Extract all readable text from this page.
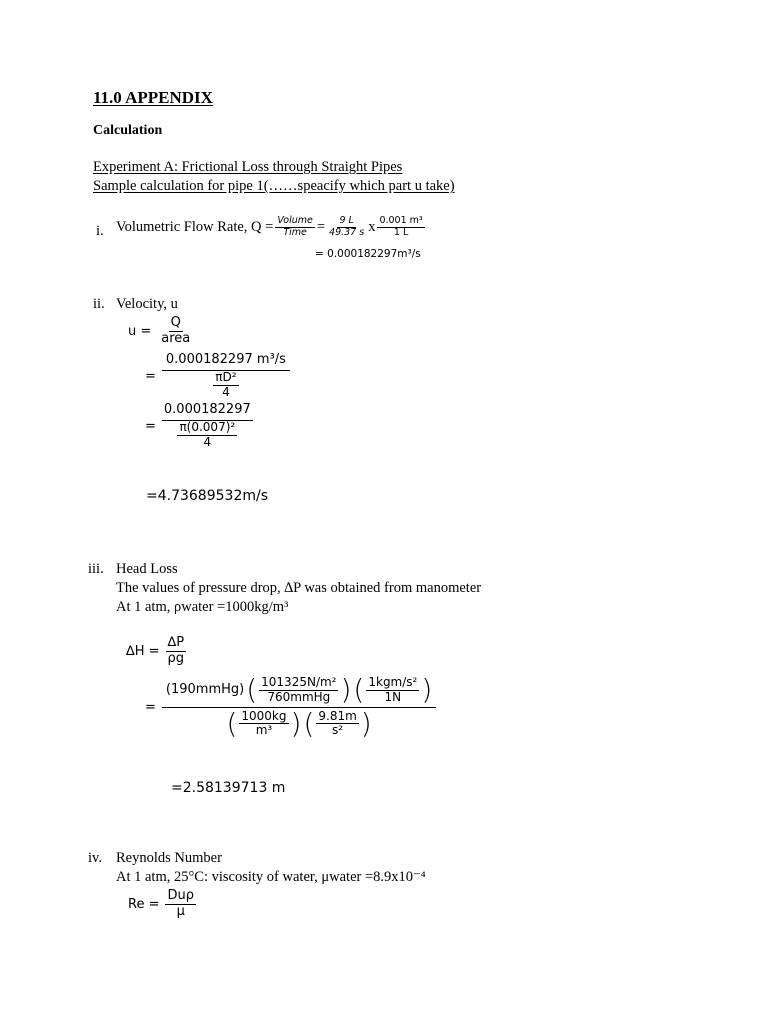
11.0 APPENDIX
Calculation
Experiment A: Frictional Loss through Straight Pipes
Sample calculation for pipe 1(……speacify which part u take)
i. Volumetric Flow Rate, $Q = \frac{\text{Volume}}{\text{Time}} = \frac{9 L}{49.37 s}$ x $\frac{\text{0.001 m³}}{1 L}$
= 0.000182297m³/s
ii. Velocity, u
$u = \frac{Q}{\text{area}}$
= $\frac{\text{0.000182297 m³/s}}{\frac{\text{πD²}}{4}}$
= $\frac{0.000182297}{\frac{\text{π(0.007)²}}{4}}$
=4.73689532m/s
iii. Head Loss
The values of pressure drop, ∆P was obtained from manometer
At 1 atm, ρwater =1000kg/m³
$\Delta H = \frac{\Delta P}{\rho g}$
=
(190mmHg) ( $\frac{\text{101325N/m²}}{\text{760mmHg}}$ ) ( $\frac{\text{1kgm/s²}}{1N}$ )
( $\frac{1000kg}{\text{m³}}$ ) ( $\frac{9.81m}{\text{s²}}$ )
=2.58139713 m
iv. Reynolds Number
At 1 atm, 25°C: viscosity of water, μwater =8.9x10⁻⁴
$Re = \frac{\text{Duρ}}{\mu}$
